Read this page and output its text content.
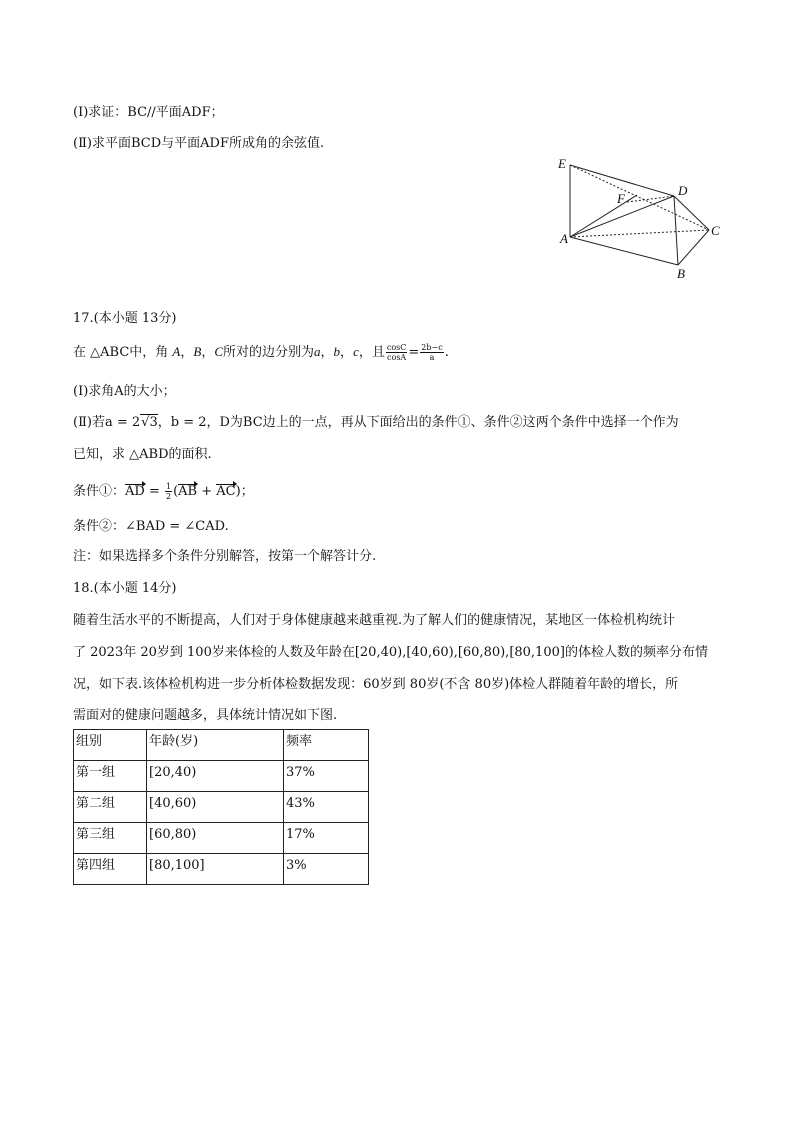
(Ⅰ)求证：BC//平面ADF；
(Ⅱ)求平面BCD与平面ADF所成角的余弦值.
E
D
F
C
A
B
17.(本小题 13分)
在 △ABC中，角 A，B，C所对的边分别为a，b，c，且 $\frac{\cos C}{\cos A} = \frac{2b-c}{a}$ .
(Ⅰ)求角A的大小；
(Ⅱ)若a = 2√3，b = 2，D为BC边上的一点，再从下面给出的条件①、条件②这两个条件中选择一个作为
已知，求 △ABD的面积.
条件①：AD = $\frac{1}{2} (AB + AC)$；
条件②：∠BAD = ∠CAD.
注：如果选择多个条件分别解答，按第一个解答计分.
18.(本小题 14分)
随着生活水平的不断提高，人们对于身体健康越来越重视.为了解人们的健康情况，某地区一体检机构统计
了 2023年 20岁到 100岁来体检的人数及年龄在[20,40),[40,60),[60,80),[80,100]的体检人数的频率分布情
况，如下表.该体检机构进一步分析体检数据发现：60岁到 80岁(不含 80岁)体检人群随着年龄的增长，所
需面对的健康问题越多，具体统计情况如下图.
组别	年龄(岁)	频率
第一组	[20,40)	37%
第二组	[40,60)	43%
第三组	[60,80)	17%
第四组	[80,100]	3%
